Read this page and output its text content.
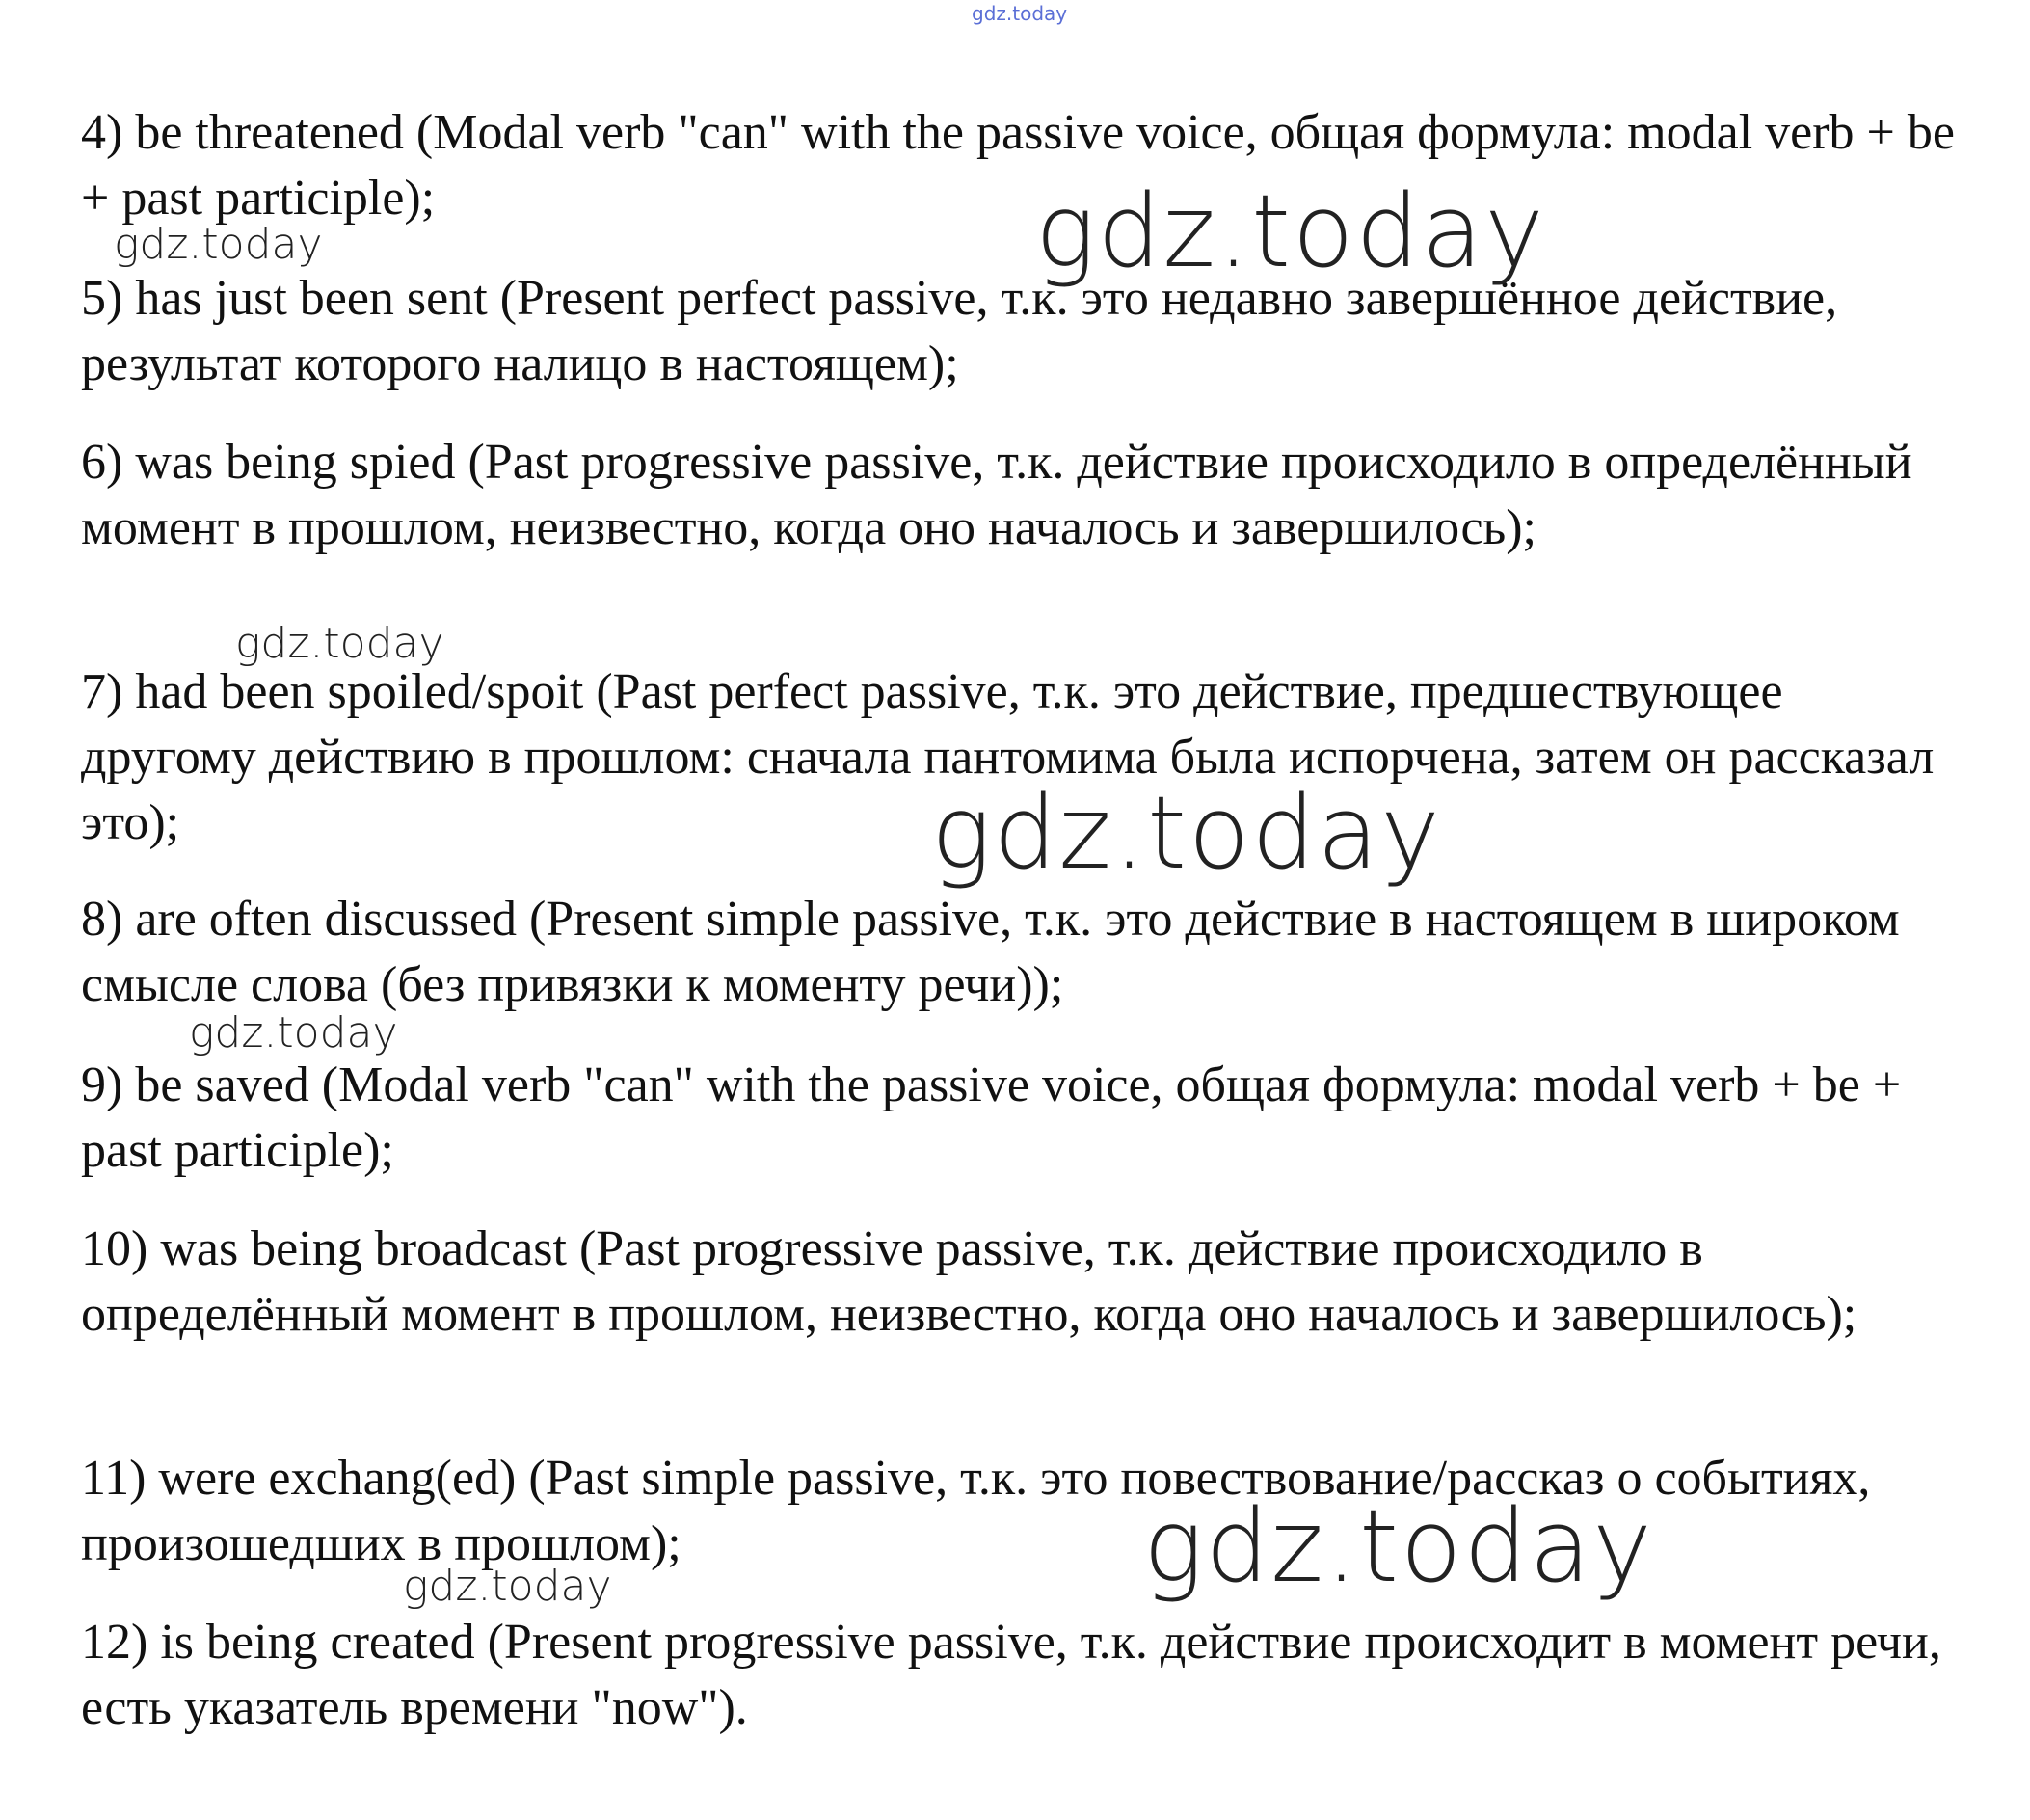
4) be threatened (Modal verb "can" with the passive voice, общая формула: modal verb + be + past participle);

5) has just been sent (Present perfect passive, т.к. это недавно завершённое действие, результат которого налицо в настоящем);

6) was being spied (Past progressive passive, т.к. действие происходило в определённый момент в прошлом, неизвестно, когда оно началось и завершилось);

7) had been spoiled/spoit (Past perfect passive, т.к. это действие, предшествующее другому действию в прошлом: сначала пантомима была испорчена, затем он рассказал это);

8) are often discussed (Present simple passive, т.к. это действие в настоящем в широком смысле слова (без привязки к моменту речи));

9) be saved (Modal verb "can" with the passive voice, общая формула: modal verb + be + past participle);

10) was being broadcast (Past progressive passive, т.к. действие происходило в определённый момент в прошлом, неизвестно, когда оно началось и завершилось);

11) were exchang(ed) (Past simple passive, т.к. это повествование/рассказ о событиях, произошедших в прошлом);

12) is being created (Present progressive passive, т.к. действие происходит в момент речи, есть указатель времени "now").

gdz.today
gdz.today	gdz.today
gdz.today
gdz.today
gdz.today
gdz.today
gdz.today
